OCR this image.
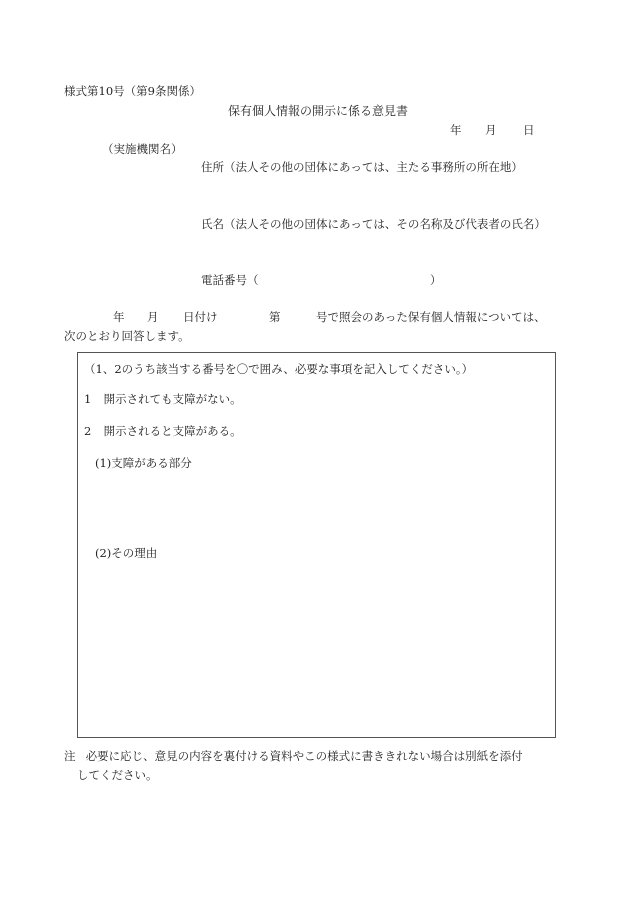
様式第10号（第9条関係）
保有個人情報の開示に係る意見書
年 月 日
（実施機関名）
住所（法人その他の団体にあっては、主たる事務所の所在地）
氏名（法人その他の団体にあっては、その名称及び代表者の氏名）
電話番号（	）
年 月 日付け	第	号で照会のあった保有個人情報については、
次のとおり回答します。
（1、2のうち該当する番号を〇で囲み、必要な事項を記入してください。）
1 開示されても支障がない。
2 開示されると支障がある。
(1)支障がある部分
(2)その理由
注 必要に応じ、意見の内容を裏付ける資料やこの様式に書ききれない場合は別紙を添付
してください。
